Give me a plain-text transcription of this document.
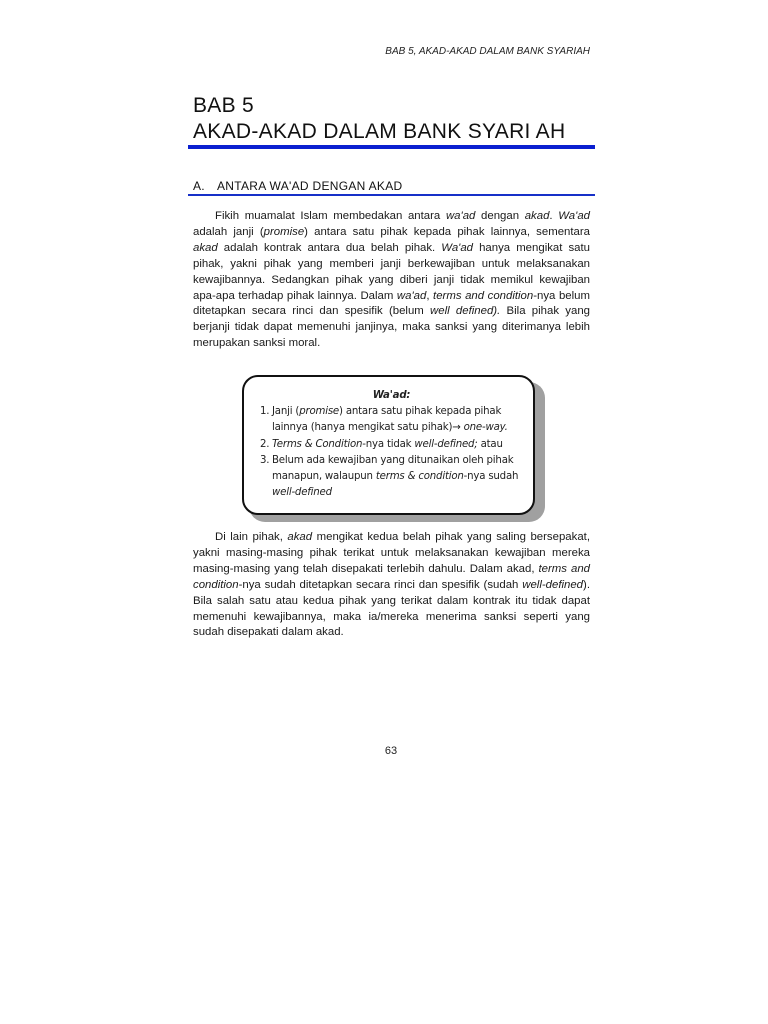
BAB 5, AKAD-AKAD DALAM BANK SYARIAH
BAB 5
AKAD-AKAD DALAM BANK SYARI AH
A. ANTARA WA'AD DENGAN AKAD
Fikih muamalat Islam membedakan antara wa'ad dengan akad. Wa'ad adalah janji (promise) antara satu pihak kepada pihak lainnya, sementara akad adalah kontrak antara dua belah pihak. Wa'ad hanya mengikat satu pihak, yakni pihak yang memberi janji berkewajiban untuk melaksanakan kewajibannya. Sedangkan pihak yang diberi janji tidak memikul kewajiban apa-apa terhadap pihak lainnya. Dalam wa'ad, terms and condition-nya belum ditetapkan secara rinci dan spesifik (belum well defined). Bila pihak yang berjanji tidak dapat memenuhi janjinya, maka sanksi yang diterimanya lebih merupakan sanksi moral.
Wa'ad:
1. Janji (promise) antara satu pihak kepada pihak lainnya (hanya mengikat satu pihak)→ one-way.
2. Terms & Condition-nya tidak well-defined; atau
3. Belum ada kewajiban yang ditunaikan oleh pihak manapun, walaupun terms & condition-nya sudah well-defined
Di lain pihak, akad mengikat kedua belah pihak yang saling bersepakat, yakni masing-masing pihak terikat untuk melaksanakan kewajiban mereka masing-masing yang telah disepakati terlebih dahulu. Dalam akad, terms and condition-nya sudah ditetapkan secara rinci dan spesifik (sudah well-defined). Bila salah satu atau kedua pihak yang terikat dalam kontrak itu tidak dapat memenuhi kewajibannya, maka ia/mereka menerima sanksi seperti yang sudah disepakati dalam akad.
63
